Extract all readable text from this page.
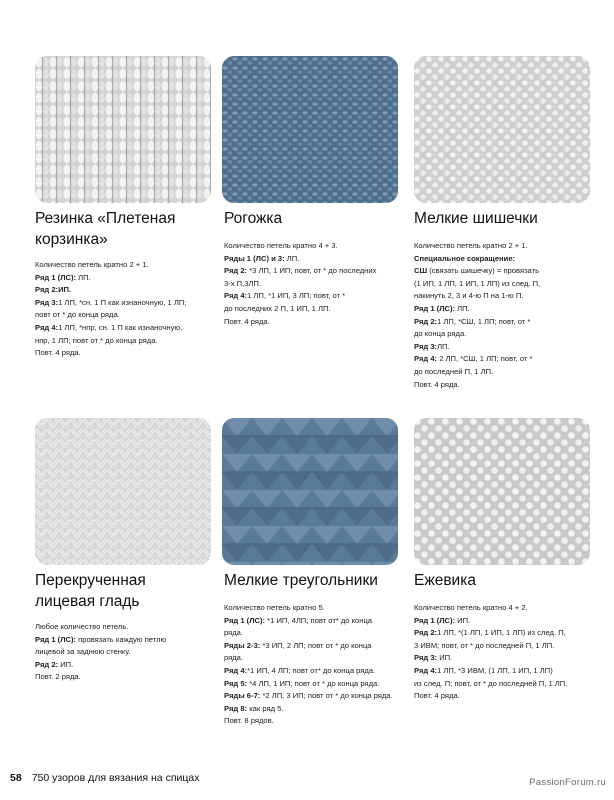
Резинка «Плетеная корзинка»
Рогожка	Мелкие шишечки

Количество петель кратно 2 + 1.

Ряд 1 (ЛС): ЛП.

Ряд 2:ИП.

Ряд 3:1 ЛП, *сн. 1 П как изнаночную, 1 ЛП;

повт от * до конца ряда.

Ряд 4:1 ЛП, *нпр, сн. 1 П как изнаночную,

нпр, 1 ЛП; повт от * до конца ряда.

Повт. 4 ряда.

Количество петель кратно 4 + 3.

Ряды 1 (ЛС) и 3: ЛП.

Ряд 2: *3 ЛП, 1 ИП; повт, от * до последних

3-х П,3ЛП.

Ряд 4:1 ЛП, *1 ИП, 3 ЛП; повт, от *

до последних 2 П, 1 ИП, 1 ЛП.

Повт. 4 ряда.

Количество петель кратно 2 + 1.

Специальное сокращение:

СШ (связать шишечку) = провязать

(1 ИП, 1 ЛП, 1 ИП, 1 ЛП) из след. П,

накинуть 2, 3 и 4-ю П на 1-ю П.

Ряд 1 (ЛС): ЛП.

Ряд 2:1 ЛП, *СШ, 1 ЛП; повт, от *

до конца ряда.

Ряд 3:ЛП.

Ряд 4: 2 ЛП, *СШ, 1 ЛП; повт, от *

до последней П, 1 ЛП.

Повт. 4 ряда.

Перекрученная лицевая гладь
Мелкие треугольники	Ежевика

Любое количество петель.

Ряд 1 (ЛС): провязать каждую петлю

лицевой за заднюю стенку.

Ряд 2: ИП.

Повт. 2 ряда.

Количество петель кратно 5.

Ряд 1 (ЛС): *1 ИП, 4ЛП; повт от* до конца

ряда.

Ряды 2-3: *3 ИП, 2 ЛП; повт от * до конца

ряда.

Ряд 4:*1 ИП, 4 ЛП; повт от* до конца ряда.

Ряд 5: *4 ЛП, 1 ИП; повт от * до конца ряда.

Ряды 6-7: *2 ЛП, 3 ИП; повт от * до конца ряда.

Ряд 8: как ряд 5.

Повт. 8 рядов.

Количество петель кратно 4 + 2.

Ряд 1 (ЛС): ИП.

Ряд 2:1 ЛП, *(1 ЛП, 1 ИП, 1 ЛП) из след. П,

3 ИВМ; повт, от * до последней П, 1 ЛП.

Ряд 3: ИП.

Ряд 4:1 ЛП, *3 ИВМ, (1 ЛП, 1 ИП, 1 ЛП)

из след. П; повт, от * до последней П, 1 ЛП.

Повт. 4 ряда.

58 750 узоров для вязания на спицах	PassionForum.ru
